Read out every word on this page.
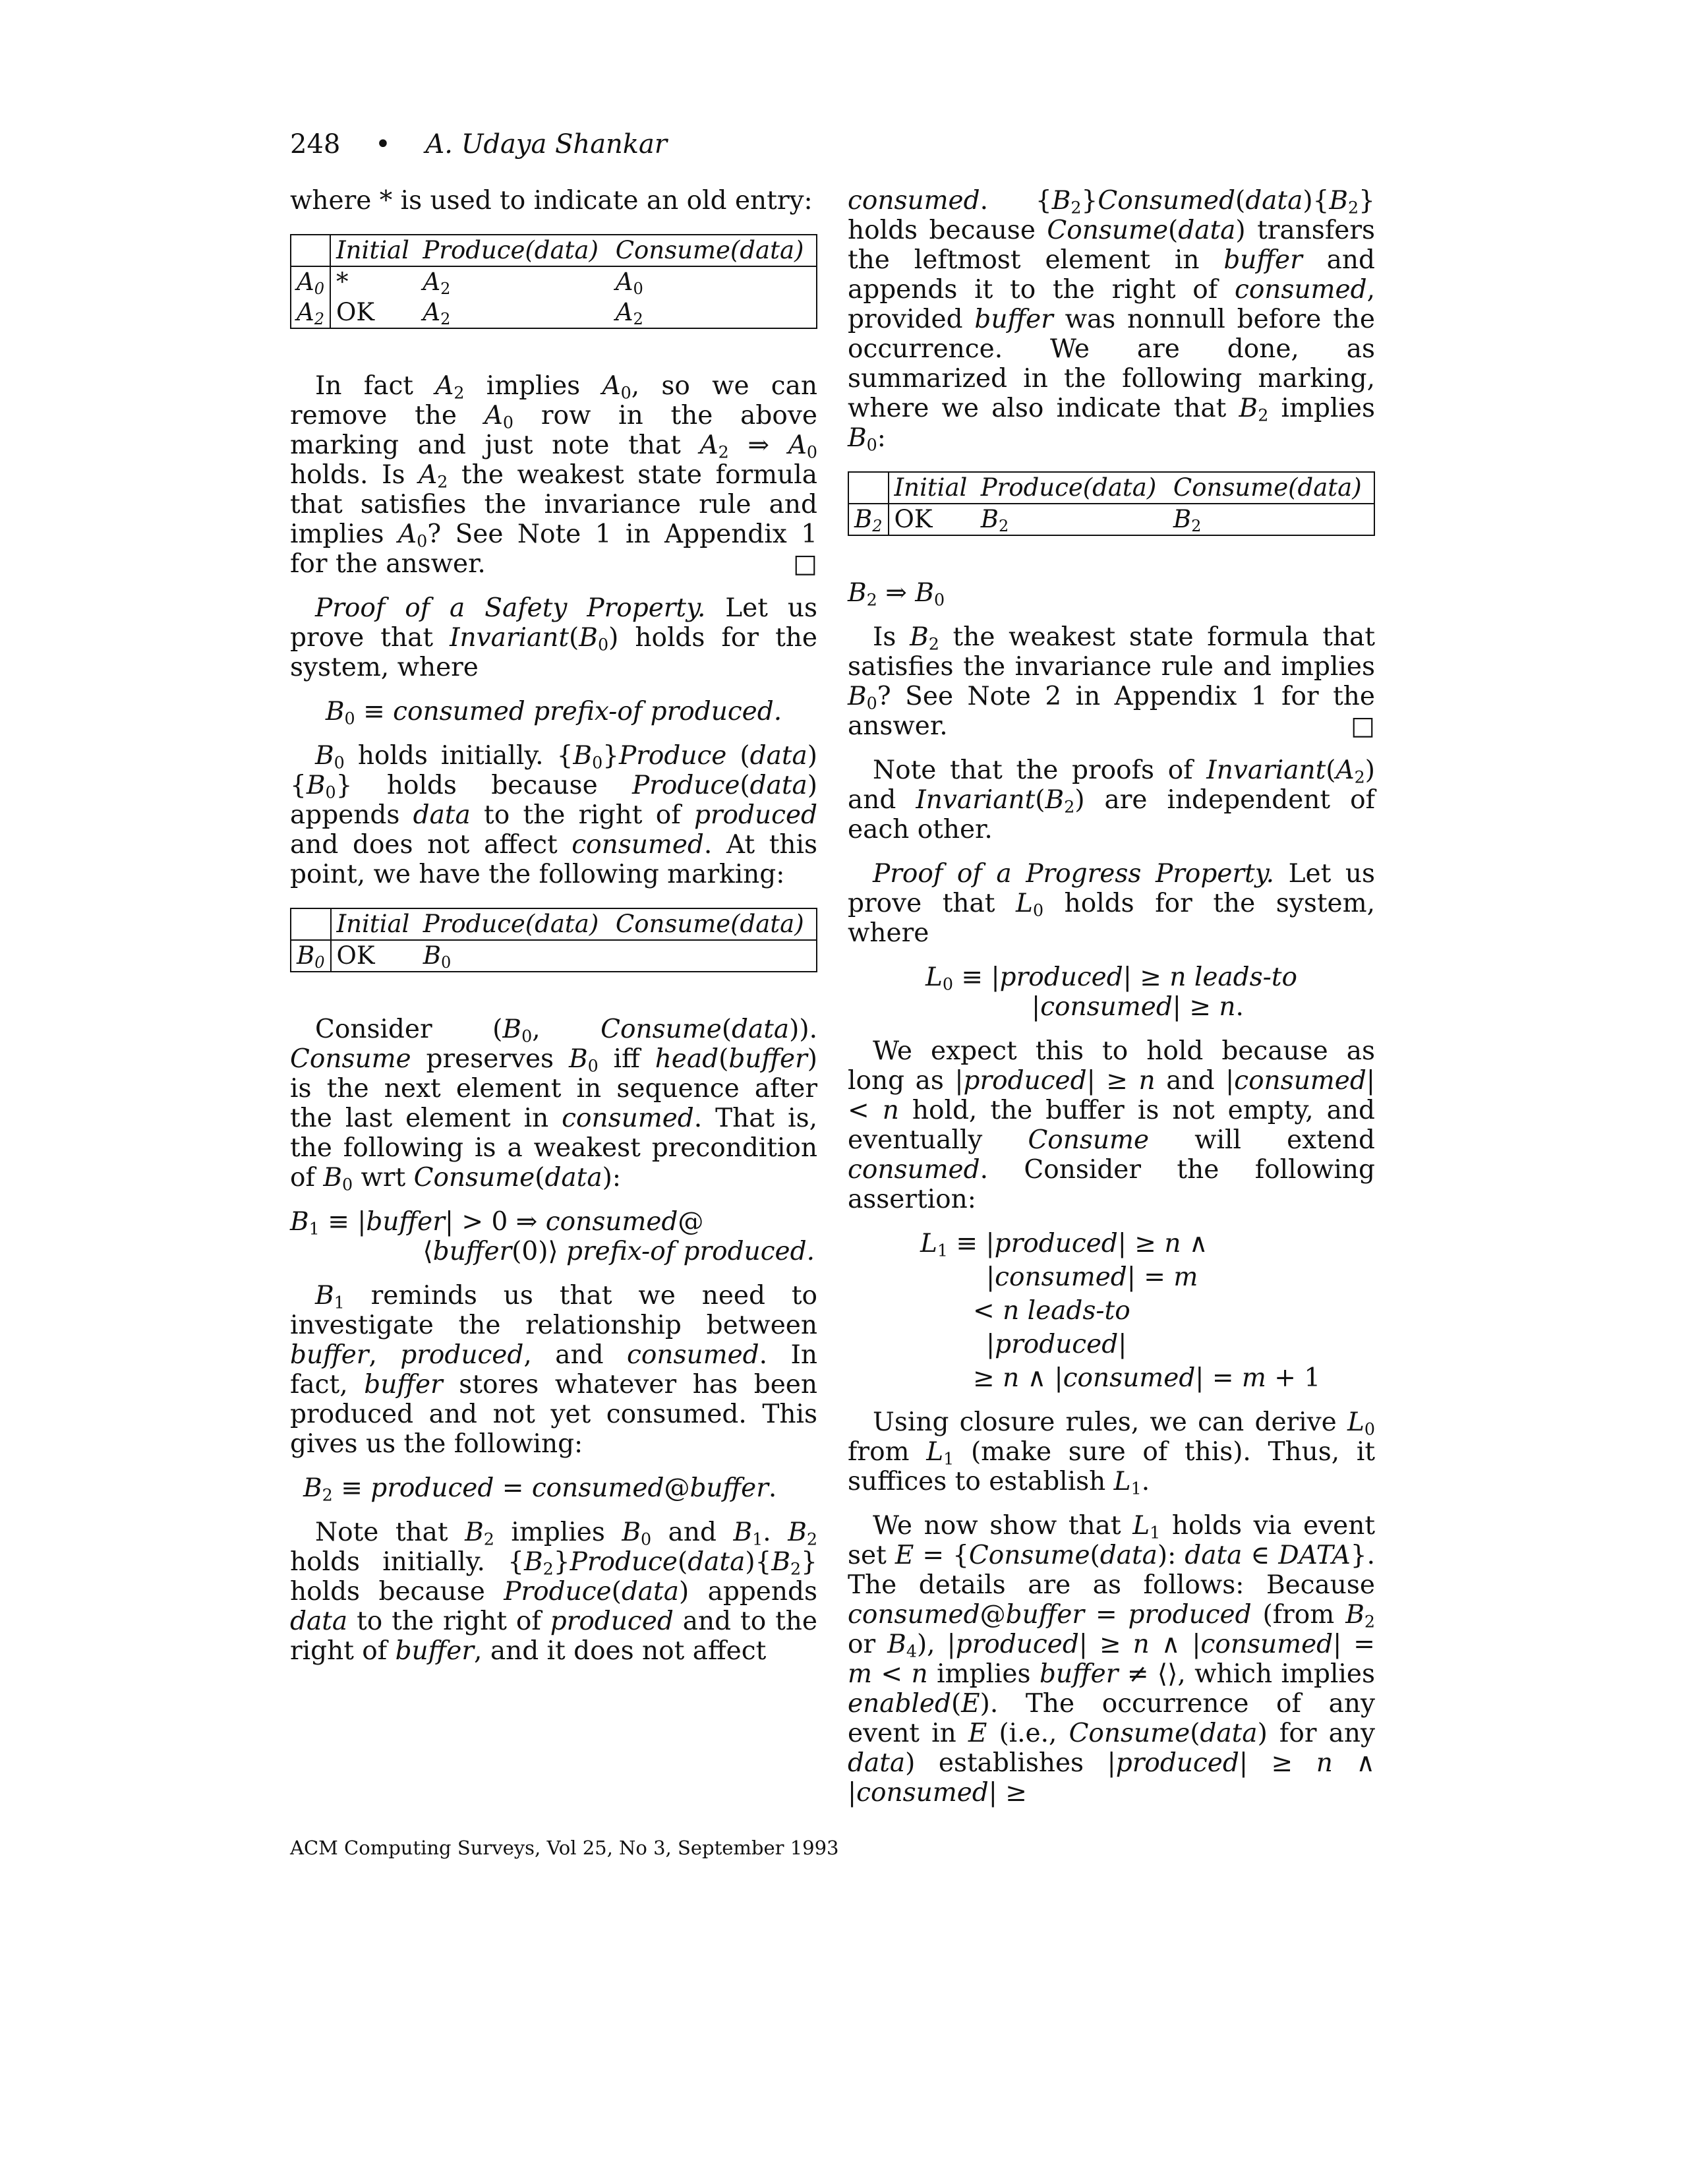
248 • A. Udaya Shankar

where * is used to indicate an old entry:

	Initial	Produce(data)	Consume(data)
$A_0$	*	$A_2$	$A_0$
$A_2$	OK	$A_2$	$A_2$

In fact $A_2$ implies $A_0$, so we can remove the $A_0$ row in the above marking and just note that $A_2$ ⇒ $A_0$ holds. Is $A_2$ the weakest state formula that satisfies the invariance rule and implies $A_0$? See Note 1 in Appendix 1 for the answer.	□

Proof of a Safety Property. Let us prove that $Invariant(B_0)$ holds for the system, where

$B_0$ ≡ consumed prefix-of produced.

$B_0$ holds initially. $\{B_0\}Produce$ $(data)\{B_0\}$ holds because Produce(data) appends data to the right of produced and does not affect consumed. At this point, we have the following marking:

	Initial	Produce(data)	Consume(data)
$B_0$	OK	$B_0$	

Consider ($B_0$, Consume(data)). Consume preserves $B_0$ iff head(buffer) is the next element in sequence after the last element in consumed. That is, the following is a weakest precondition of $B_0$ wrt Consume(data):

$B_1$ ≡ |buffer| > 0 ⇒ consumed@
⟨buffer(0)⟩ prefix-of produced.

$B_1$ reminds us that we need to investigate the relationship between buffer, produced, and consumed. In fact, buffer stores whatever has been produced and not yet consumed. This gives us the following:

$B_2$ ≡ produced = consumed@buffer.

Note that $B_2$ implies $B_0$ and $B_1$. $B_2$ holds initially. $\{B_2\}Produce(data)\{B_2\}$ holds because Produce(data) appends data to the right of produced and to the right of buffer, and it does not affect

consumed. $\{B_2\}Consumed(data)\{B_2\}$ holds because Consume(data) transfers the leftmost element in buffer and appends it to the right of consumed, provided buffer was nonnull before the occurrence. We are done, as summarized in the following marking, where we also indicate that $B_2$ implies $B_0$:

	Initial	Produce(data)	Consume(data)
$B_2$	OK	$B_2$	$B_2$
$B_2$ ⇒ $B_0$

Is $B_2$ the weakest state formula that satisfies the invariance rule and implies $B_0$? See Note 2 in Appendix 1 for the answer.	□

Note that the proofs of $Invariant(A_2)$ and $Invariant(B_2)$ are independent of each other.

Proof of a Progress Property. Let us prove that $L_0$ holds for the system, where

$L_0$ ≡ |produced| ≥ n leads-to
|consumed| ≥ n.

We expect this to hold because as long as |produced| ≥ n and |consumed| < n hold, the buffer is not empty, and eventually Consume will extend consumed. Consider the following assertion:

$L_1$ ≡ |produced| ≥ n ∧
|consumed| = m
< n leads-to
|produced|
≥ n ∧ |consumed| = m + 1

Using closure rules, we can derive $L_0$ from $L_1$ (make sure of this). Thus, it suffices to establish $L_1$.

We now show that $L_1$ holds via event set E = {Consume(data): data ∈ DATA}. The details are as follows: Because consumed@buffer = produced (from $B_2$ or $B_4$), |produced| ≥ n ∧ |consumed| = m < n implies buffer ≠ ⟨⟩, which implies enabled(E). The occurrence of any event in E (i.e., Consume(data) for any data) establishes |produced| ≥ n ∧ |consumed| ≥

ACM Computing Surveys, Vol 25, No 3, September 1993
